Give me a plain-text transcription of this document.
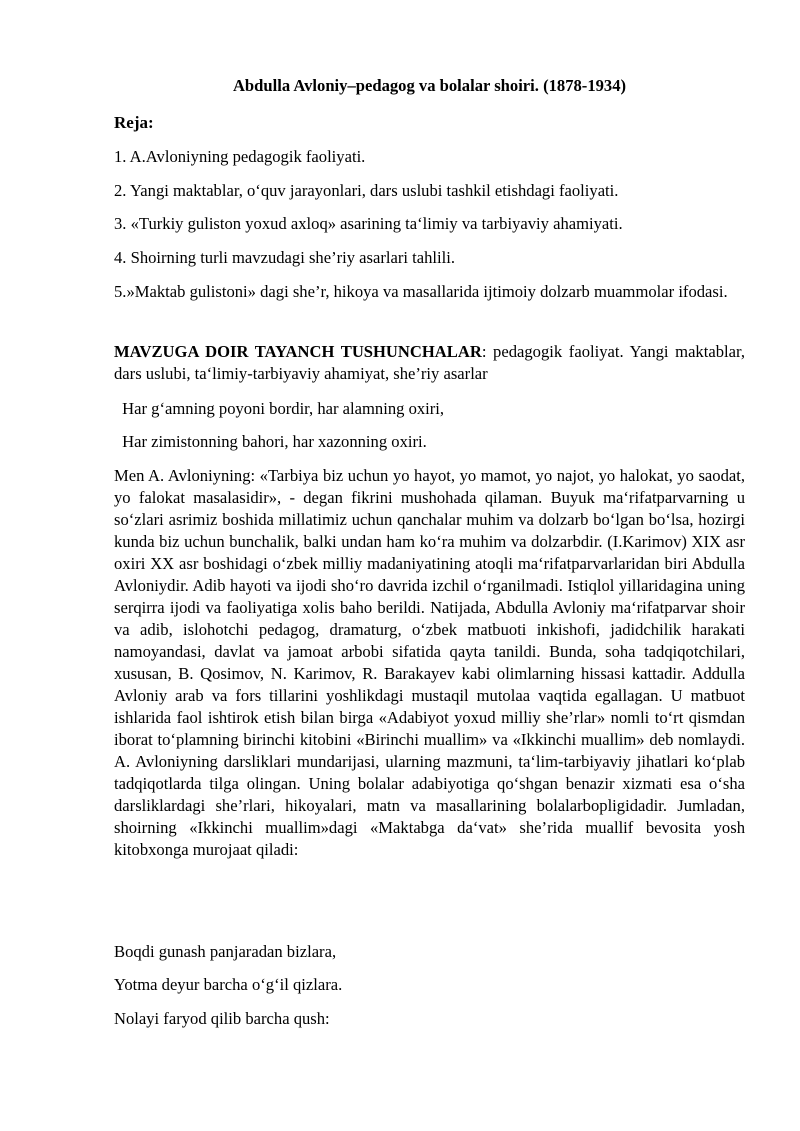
Abdulla Avloniy–pedagog va bolalar shoiri. (1878-1934)
Reja:
1. A.Avloniyning pedagogik faoliyati.
2. Yangi maktablar, o‘quv jarayonlari, dars uslubi tashkil etishdagi faoliyati.
3. «Turkiy guliston yoxud axloq» asarining ta‘limiy va tarbiyaviy ahamiyati.
4. Shoirning turli mavzudagi she’riy asarlari tahlili.
5.»Maktab gulistoni» dagi she’r, hikoya va masallarida ijtimoiy dolzarb muammolar ifodasi.
MAVZUGA DOIR TAYANCH TUSHUNCHALAR: pedagogik faoliyat. Yangi maktablar, dars uslubi, ta‘limiy-tarbiyaviy ahamiyat, she’riy asarlar
Har g‘amning poyoni bordir, har alamning oxiri,
Har zimistonning bahori, har xazonning oxiri.
Men A. Avloniyning: «Tarbiya biz uchun yo hayot, yo mamot, yo najot, yo halokat, yo saodat, yo falokat masalasidir», - degan fikrini mushohada qilaman. Buyuk ma‘rifatparvarning u so‘zlari asrimiz boshida millatimiz uchun qanchalar muhim va dolzarb bo‘lgan bo‘lsa, hozirgi kunda biz uchun bunchalik, balki undan ham ko‘ra muhim va dolzarbdir. (I.Karimov) XIX asr oxiri XX asr boshidagi o‘zbek milliy madaniyatining atoqli ma‘rifatparvarlaridan biri Abdulla Avloniydir. Adib hayoti va ijodi sho‘ro davrida izchil o‘rganilmadi. Istiqlol yillaridagina uning serqirra ijodi va faoliyatiga xolis baho berildi. Natijada, Abdulla Avloniy ma‘rifatparvar shoir va adib, islohotchi pedagog, dramaturg, o‘zbek matbuoti inkishofi, jadidchilik harakati namoyandasi, davlat va jamoat arbobi sifatida qayta tanildi. Bunda, soha tadqiqotchilari, xususan, B. Qosimov, N. Karimov, R. Barakayev kabi olimlarning hissasi kattadir. Addulla Avloniy arab va fors tillarini yoshlikdagi mustaqil mutolaa vaqtida egallagan. U matbuot ishlarida faol ishtirok etish bilan birga «Adabiyot yoxud milliy she’rlar» nomli to‘rt qismdan iborat to‘plamning birinchi kitobini «Birinchi muallim» va «Ikkinchi muallim» deb nomlaydi. A. Avloniyning darsliklari mundarijasi, ularning mazmuni, ta‘lim-tarbiyaviy jihatlari ko‘plab tadqiqotlarda tilga olingan. Uning bolalar adabiyotiga qo‘shgan benazir xizmati esa o‘sha darsliklardagi she’rlari, hikoyalari, matn va masallarining bolalarbopligidadir. Jumladan, shoirning «Ikkinchi muallim»dagi «Maktabga da‘vat» she’rida muallif bevosita yosh kitobxonga murojaat qiladi:
Boqdi gunash panjaradan bizlara,
Yotma deyur barcha o‘g‘il qizlara.
Nolayi faryod qilib barcha qush:
